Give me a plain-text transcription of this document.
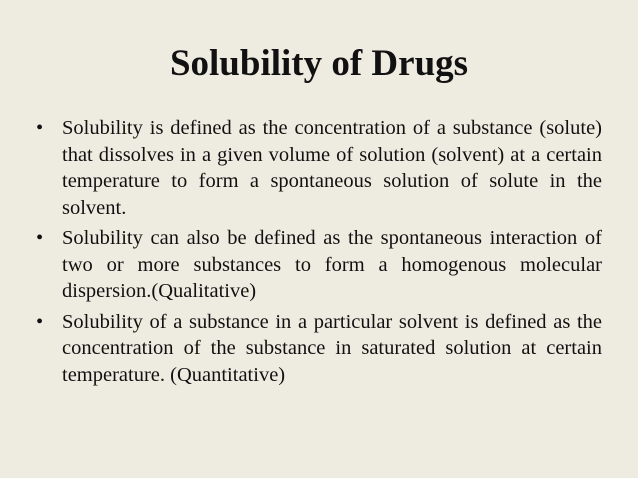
Solubility of Drugs
• Solubility is defined as the concentration of a substance (solute) that dissolves in a given volume of solution (solvent) at a certain temperature to form a spontaneous solution of solute in the solvent.
• Solubility can also be defined as the spontaneous interaction of two or more substances to form a homogenous molecular dispersion.(Qualitative)
• Solubility of a substance in a particular solvent is defined as the concentration of the substance in saturated solution at certain temperature. (Quantitative)
